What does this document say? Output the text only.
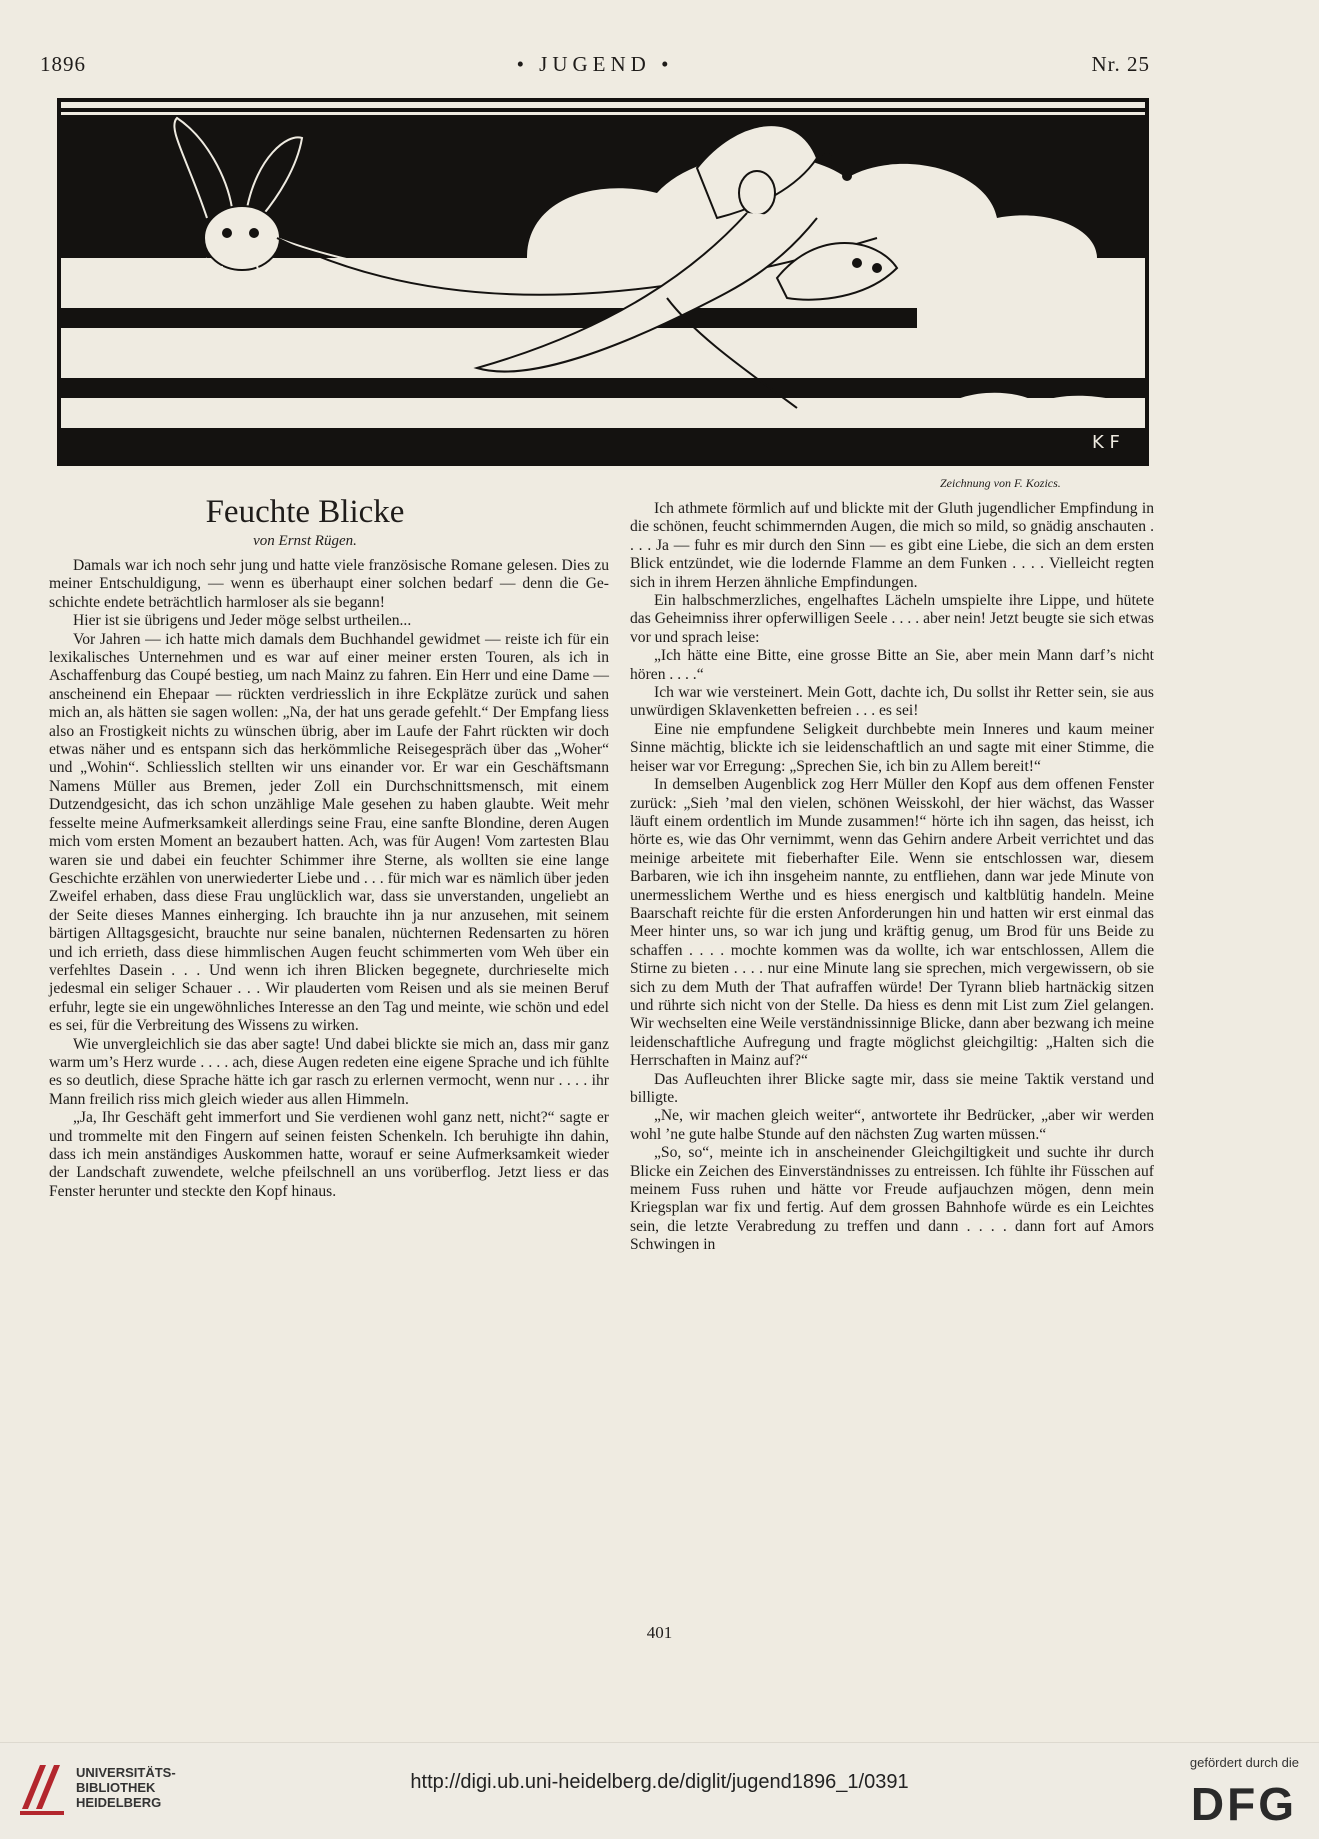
1896	• JUGEND •	Nr. 25
K F
Zeichnung von F. Kozics.
Feuchte Blicke
von Ernst Rügen.

Damals war ich noch sehr jung und hatte viele französische Romane gelesen. Dies zu meiner Entschuldigung, — wenn es überhaupt einer solchen bedarf — denn die Geschichte endete beträchtlich harmloser als sie begann!

Hier ist sie übrigens und Jeder möge selbst urtheilen...

Vor Jahren — ich hatte mich damals dem Buchhandel gewidmet — reiste ich für ein lexikalisches Unternehmen und es war auf einer meiner ersten Touren, als ich in Aschaffenburg das Coupé bestieg, um nach Mainz zu fahren. Ein Herr und eine Dame — anscheinend ein Ehepaar — rückten verdriesslich in ihre Eckplätze zurück und sahen mich an, als hätten sie sagen wollen: „Na, der hat uns gerade gefehlt.“ Der Empfang liess also an Frostigkeit nichts zu wünschen übrig, aber im Laufe der Fahrt rückten wir doch etwas näher und es entspann sich das herkömmliche Reisegespräch über das „Woher“ und „Wohin“. Schliesslich stellten wir uns einander vor. Er war ein Geschäftsmann Namens Müller aus Bremen, jeder Zoll ein Durchschnittsmensch, mit einem Dutzendgesicht, das ich schon unzählige Male gesehen zu haben glaubte. Weit mehr fesselte meine Aufmerksamkeit allerdings seine Frau, eine sanfte Blondine, deren Augen mich vom ersten Moment an bezaubert hatten. Ach, was für Augen! Vom zartesten Blau waren sie und dabei ein feuchter Schimmer ihre Sterne, als wollten sie eine lange Geschichte erzählen von unerwiederter Liebe und . . . für mich war es nämlich über jeden Zweifel erhaben, dass diese Frau unglücklich war, dass sie unverstanden, ungeliebt an der Seite dieses Mannes einherging. Ich brauchte ihn ja nur anzusehen, mit seinem bärtigen Alltagsgesicht, brauchte nur seine banalen, nüchternen Redensarten zu hören und ich errieth, dass diese himmlischen Augen feucht schimmerten vom Weh über ein verfehltes Dasein . . . Und wenn ich ihren Blicken begegnete, durchrieselte mich jedesmal ein seliger Schauer . . . Wir plauderten vom Reisen und als sie meinen Beruf erfuhr, legte sie ein ungewöhnliches Interesse an den Tag und meinte, wie schön und edel es sei, für die Verbreitung des Wissens zu wirken.

Wie unvergleichlich sie das aber sagte! Und dabei blickte sie mich an, dass mir ganz warm um’s Herz wurde . . . . ach, diese Augen redeten eine eigene Sprache und ich fühlte es so deutlich, diese Sprache hätte ich gar rasch zu erlernen vermocht, wenn nur . . . . ihr Mann freilich riss mich gleich wieder aus allen Himmeln.

„Ja, Ihr Geschäft geht immerfort und Sie verdienen wohl ganz nett, nicht?“ sagte er und trommelte mit den Fingern auf seinen feisten Schenkeln. Ich beruhigte ihn dahin, dass ich mein anständiges Auskommen hatte, worauf er seine Aufmerksamkeit wieder der Landschaft zuwendete, welche pfeilschnell an uns vorüberflog. Jetzt liess er das Fenster herunter und steckte den Kopf hinaus.

Ich athmete förmlich auf und blickte mit der Gluth jugendlicher Empfindung in die schönen, feucht schimmernden Augen, die mich so mild, so gnädig anschauten . . . . Ja — fuhr es mir durch den Sinn — es gibt eine Liebe, die sich an dem ersten Blick entzündet, wie die lodernde Flamme an dem Funken . . . . Vielleicht regten sich in ihrem Herzen ähnliche Empfindungen.

Ein halbschmerzliches, engelhaftes Lächeln umspielte ihre Lippe, und hütete das Geheimniss ihrer opferwilligen Seele . . . . aber nein! Jetzt beugte sie sich etwas vor und sprach leise:

„Ich hätte eine Bitte, eine grosse Bitte an Sie, aber mein Mann darf’s nicht hören . . . .“

Ich war wie versteinert. Mein Gott, dachte ich, Du sollst ihr Retter sein, sie aus unwürdigen Sklavenketten befreien . . . es sei!

Eine nie empfundene Seligkeit durchbebte mein Inneres und kaum meiner Sinne mächtig, blickte ich sie leidenschaftlich an und sagte mit einer Stimme, die heiser war vor Erregung: „Sprechen Sie, ich bin zu Allem bereit!“

In demselben Augenblick zog Herr Müller den Kopf aus dem offenen Fenster zurück: „Sieh ’mal den vielen, schönen Weisskohl, der hier wächst, das Wasser läuft einem ordentlich im Munde zusammen!“ hörte ich ihn sagen, das heisst, ich hörte es, wie das Ohr vernimmt, wenn das Gehirn andere Arbeit verrichtet und das meinige arbeitete mit fieberhafter Eile. Wenn sie entschlossen war, diesem Barbaren, wie ich ihn insgeheim nannte, zu entfliehen, dann war jede Minute von unermesslichem Werthe und es hiess energisch und kaltblütig handeln. Meine Baarschaft reichte für die ersten Anforderungen hin und hatten wir erst einmal das Meer hinter uns, so war ich jung und kräftig genug, um Brod für uns Beide zu schaffen . . . . mochte kommen was da wollte, ich war entschlossen, Allem die Stirne zu bieten . . . . nur eine Minute lang sie sprechen, mich vergewissern, ob sie sich zu dem Muth der That aufraffen würde! Der Tyrann blieb hartnäckig sitzen und rührte sich nicht von der Stelle. Da hiess es denn mit List zum Ziel gelangen. Wir wechselten eine Weile verständnissinnige Blicke, dann aber bezwang ich meine leidenschaftliche Aufregung und fragte möglichst gleichgiltig: „Halten sich die Herrschaften in Mainz auf?“

Das Aufleuchten ihrer Blicke sagte mir, dass sie meine Taktik verstand und billigte.

„Ne, wir machen gleich weiter“, antwortete ihr Bedrücker, „aber wir werden wohl ’ne gute halbe Stunde auf den nächsten Zug warten müssen.“

„So, so“, meinte ich in anscheinender Gleichgiltigkeit und suchte ihr durch Blicke ein Zeichen des Einverständnisses zu entreissen. Ich fühlte ihr Füsschen auf meinem Fuss ruhen und hätte vor Freude aufjauchzen mögen, denn mein Kriegsplan war fix und fertig. Auf dem grossen Bahnhofe würde es ein Leichtes sein, die letzte Verabredung zu treffen und dann . . . . dann fort auf Amors Schwingen in

401
UNIVERSITÄTS-
BIBLIOTHEK
HEIDELBERG
http://digi.ub.uni-heidelberg.de/diglit/jugend1896_1/0391
gefördert durch die
DFG
